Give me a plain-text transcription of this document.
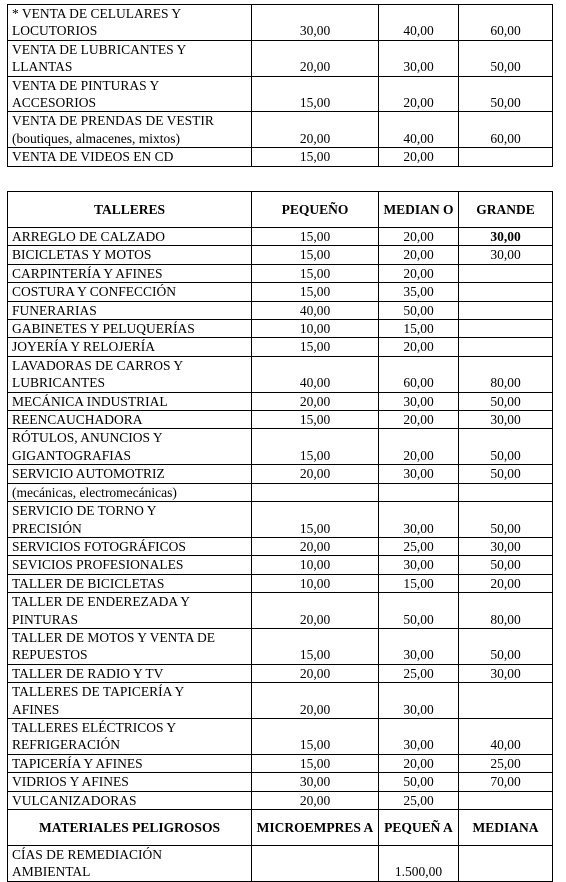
* VENTA DE CELULARES Y
LOCUTORIOS	30,00	40,00	60,00

VENTA DE LUBRICANTES Y
LLANTAS	20,00	30,00	50,00

VENTA DE PINTURAS Y
ACCESORIOS	15,00	20,00	50,00

VENTA DE PRENDAS DE VESTIR
(boutiques, almacenes, mixtos)	20,00	40,00	60,00

VENTA DE VIDEOS EN CD	15,00	20,00	
TALLERES	PEQUEÑO	MEDIAN O	GRANDE

ARREGLO DE CALZADO	15,00	20,00	30,00

BICICLETAS Y MOTOS	15,00	20,00	30,00

CARPINTERÍA Y AFINES	15,00	20,00	

COSTURA Y CONFECCIÓN	15,00	35,00	

FUNERARIAS	40,00	50,00	

GABINETES Y PELUQUERÍAS	10,00	15,00	

JOYERÍA Y RELOJERÍA	15,00	20,00	

LAVADORAS DE CARROS Y
LUBRICANTES	40,00	60,00	80,00

MECÁNICA INDUSTRIAL	20,00	30,00	50,00

REENCAUCHADORA	15,00	20,00	30,00

RÓTULOS, ANUNCIOS Y
GIGANTOGRAFIAS	15,00	20,00	50,00

SERVICIO AUTOMOTRIZ	20,00	30,00	50,00

(mecánicas, electromecánicas)			

SERVICIO DE TORNO Y
PRECISIÓN	15,00	30,00	50,00

SERVICIOS FOTOGRÁFICOS	20,00	25,00	30,00

SEVICIOS PROFESIONALES	10,00	30,00	50,00

TALLER DE BICICLETAS	10,00	15,00	20,00

TALLER DE ENDEREZADA Y
PINTURAS	20,00	50,00	80,00

TALLER DE MOTOS Y VENTA DE
REPUESTOS	15,00	30,00	50,00

TALLER DE RADIO Y TV	20,00	25,00	30,00

TALLERES DE TAPICERÍA Y
AFINES	20,00	30,00	

TALLERES ELÉCTRICOS Y
REFRIGERACIÓN	15,00	30,00	40,00

TAPICERÍA Y AFINES	15,00	20,00	25,00

VIDRIOS Y AFINES	30,00	50,00	70,00

VULCANIZADORAS	20,00	25,00	
MATERIALES PELIGROSOS	MICROEMPRES A	PEQUEÑ A	MEDIANA

CÍAS DE REMEDIACIÓN
AMBIENTAL		1.500,00	
